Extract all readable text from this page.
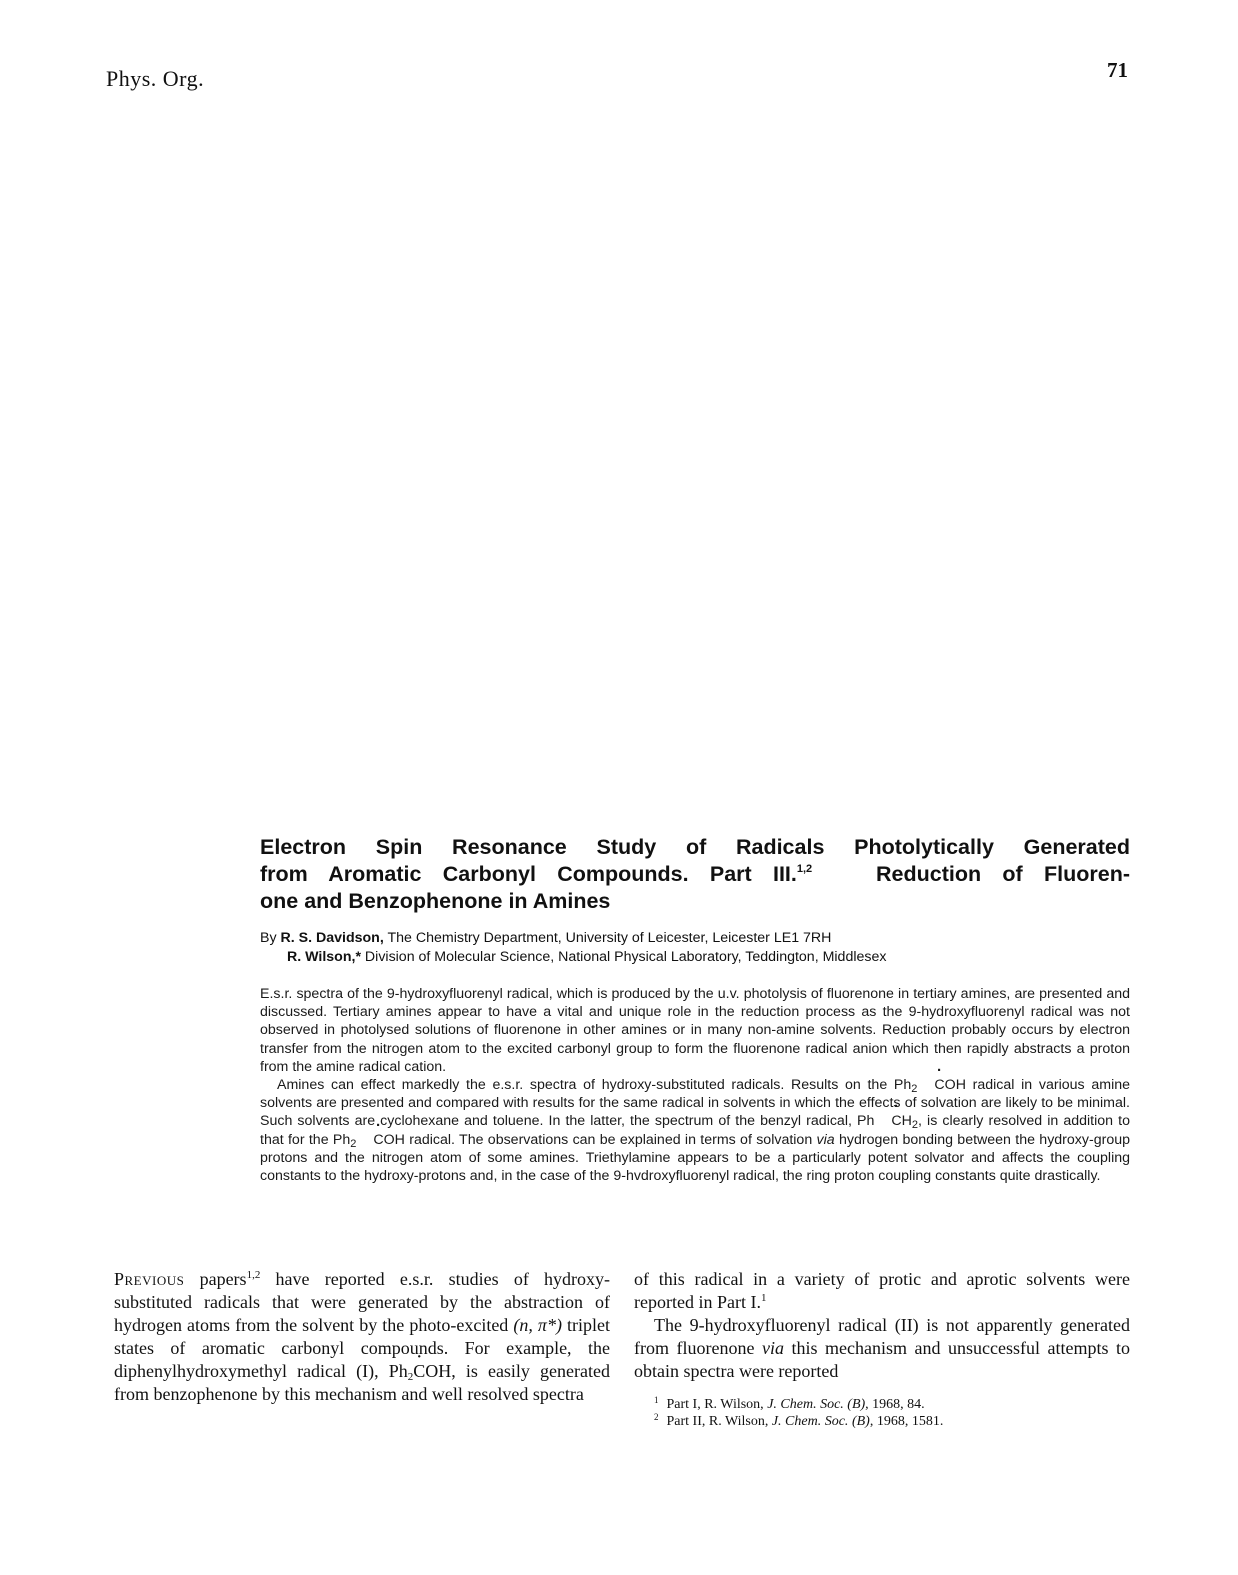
Phys. Org.	71
Electron Spin Resonance Study of Radicals Photolytically Generated
from Aromatic Carbonyl Compounds. Part III.$^{1,2}$	Reduction of Fluoren-
one and Benzophenone in Amines
By R. S. Davidson, The Chemistry Department, University of Leicester, Leicester LE1 7RH
R. Wilson,* Division of Molecular Science, National Physical Laboratory, Teddington, Middlesex

E.s.r. spectra of the 9-hydroxyfluorenyl radical, which is produced by the u.v. photolysis of fluorenone in tertiary amines, are presented and discussed. Tertiary amines appear to have a vital and unique role in the reduction process as the 9-hydroxyfluorenyl radical was not observed in photolysed solutions of fluorenone in other amines or in many non-amine solvents. Reduction probably occurs by electron transfer from the nitrogen atom to the excited carbonyl group to form the fluorenone radical anion which then rapidly abstracts a proton from the amine radical cation.

Amines can effect markedly the e.s.r. spectra of hydroxy-substituted radicals. Results on the $Ph_2\cdot$ COH radical in various amine solvents are presented and compared with results for the same radical in solvents in which the effects of solvation are likely to be minimal. Such solvents are cyclohexane and toluene. In the latter, the spectrum of the benzyl radical, $Ph\cdot CH_2$, is clearly resolved in addition to that for the $Ph_2\cdot$ COH radical. The observations can be explained in terms of solvation via hydrogen bonding between the hydroxy-group protons and the nitrogen atom of some amines. Triethylamine appears to be a particularly potent solvator and affects the coupling constants to the hydroxy-protons and, in the case of the 9-hvdroxyfluorenyl radical, the ring proton coupling constants quite drastically.

Previous papers$^{1,2}$ have reported e.s.r. studies of hydroxy-substituted radicals that were generated by the abstraction of hydrogen atoms from the solvent by the photo-excited (n, π*) triplet states of aromatic carbonyl compounds. For example, the diphenylhydroxymethyl radical (I), $Ph_2\cdot$ COH, is easily generated from benzophenone by this mechanism and well resolved spectra

of this radical in a variety of protic and aprotic solvents were reported in Part I.$^1$

The 9-hydroxyfluorenyl radical (II) is not apparently generated from fluorenone via this mechanism and unsuccessful attempts to obtain spectra were reported

$^1$ Part I, R. Wilson, J. Chem. Soc. (B), 1968, 84.
$^2$ Part II, R. Wilson, J. Chem. Soc. (B), 1968, 1581.
